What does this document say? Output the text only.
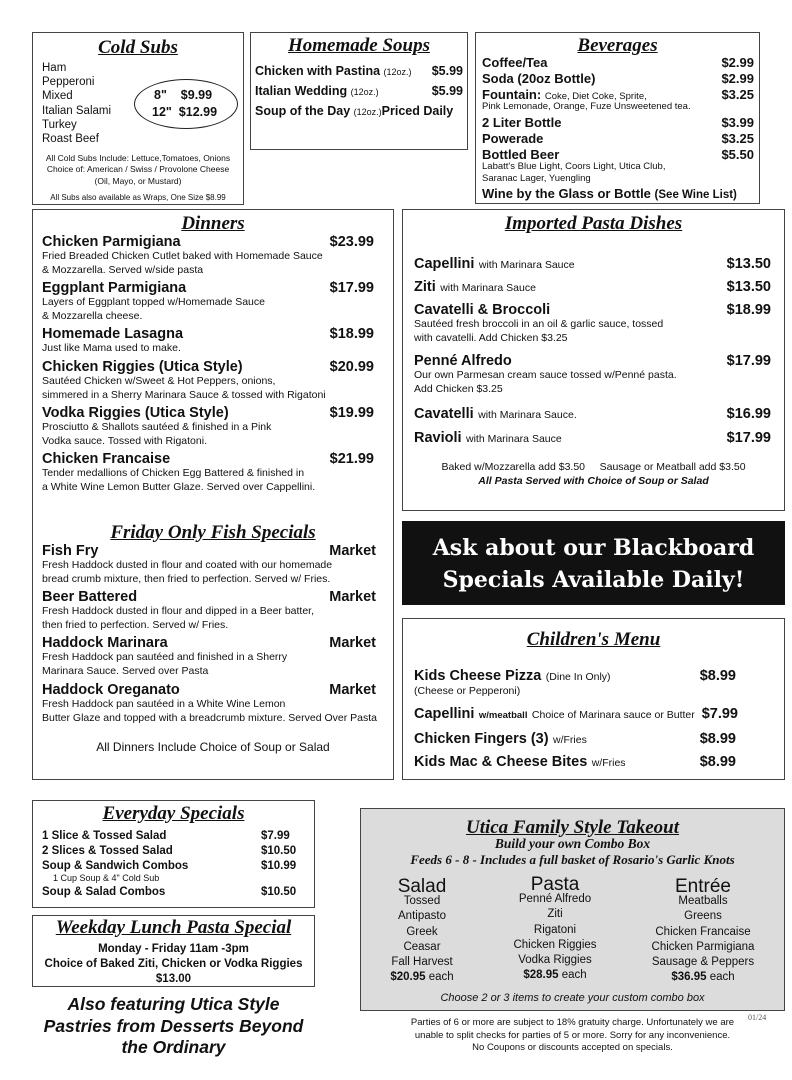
Cold Subs
Ham
Pepperoni
Mixed
Italian Salami
Turkey
Roast Beef
8" $9.99
12" $12.99
All Cold Subs Include: Lettuce,Tomatoes, Onions
Choice of: American / Swiss / Provolone Cheese
(Oil, Mayo, or Mustard)
All Subs also available as Wraps, One Size $8.99
Homemade Soups
Chicken with Pastina (12oz.) $5.99
Italian Wedding (12oz.)	$5.99
Soup of the Day (12oz.)Priced Daily
Beverages
Coffee/Tea	$2.99
Soda (20oz Bottle)	$2.99
Fountain: Coke, Diet Coke, Sprite,	$3.25
Pink Lemonade, Orange, Fuze Unsweetened tea.
2 Liter Bottle	$3.99
Powerade	$3.25
Bottled Beer	$5.50
Labatt's Blue Light, Coors Light, Utica Club,
Saranac Lager, Yuengling
Wine by the Glass or Bottle (See Wine List)
Dinners
Chicken Parmigiana	$23.99
Fried Breaded Chicken Cutlet baked with Homemade Sauce
& Mozzarella. Served w/side pasta
Eggplant Parmigiana	$17.99
Layers of Eggplant topped w/Homemade Sauce
& Mozzarella cheese.
Homemade Lasagna	$18.99
Just like Mama used to make.
Chicken Riggies (Utica Style)	$20.99
Sautéed Chicken w/Sweet & Hot Peppers, onions,
simmered in a Sherry Marinara Sauce & tossed with Rigatoni
Vodka Riggies (Utica Style)	$19.99
Prosciutto & Shallots sautéed & finished in a Pink
Vodka sauce. Tossed with Rigatoni.
Chicken Francaise	$21.99
Tender medallions of Chicken Egg Battered & finished in
a White Wine Lemon Butter Glaze. Served over Cappellini.
Friday Only Fish Specials
Fish Fry	Market
Fresh Haddock dusted in flour and coated with our homemade
bread crumb mixture, then fried to perfection. Served w/ Fries.
Beer Battered	Market
Fresh Haddock dusted in flour and dipped in a Beer batter,
then fried to perfection. Served w/ Fries.
Haddock Marinara	Market
Fresh Haddock pan sautéed and finished in a Sherry
Marinara Sauce. Served over Pasta
Haddock Oreganato	Market
Fresh Haddock pan sautéed in a White Wine Lemon
Butter Glaze and topped with a breadcrumb mixture. Served Over Pasta
All Dinners Include Choice of Soup or Salad
Imported Pasta Dishes
Capellini with Marinara Sauce	$13.50
Ziti with Marinara Sauce	$13.50
Cavatelli & Broccoli	$18.99
Sautéed fresh broccoli in an oil & garlic sauce, tossed
with cavatelli. Add Chicken $3.25
Penné Alfredo	$17.99
Our own Parmesan cream sauce tossed w/Penné pasta.
Add Chicken $3.25
Cavatelli with Marinara Sauce.	$16.99
Ravioli with Marinara Sauce	$17.99
Baked w/Mozzarella add $3.50     Sausage or Meatball add $3.50
All Pasta Served with Choice of Soup or Salad
Ask about our Blackboard
Specials Available Daily!
Children's Menu
Kids Cheese Pizza (Dine In Only)	$8.99
(Cheese or Pepperoni)
Capellini w/meatball Choice of Marinara sauce or Butter $7.99
Chicken Fingers (3) w/Fries	$8.99
Kids Mac & Cheese Bites w/Fries	$8.99
Everyday Specials
1 Slice & Tossed Salad	$7.99
2 Slices & Tossed Salad	$10.50
Soup & Sandwich Combos	$10.99
1 Cup Soup & 4" Cold Sub
Soup & Salad Combos	$10.50
Weekday Lunch Pasta Special
Monday - Friday 11am -3pm
Choice of Baked Ziti, Chicken or Vodka Riggies
$13.00
Also featuring Utica Style
Pastries from Desserts Beyond
the Ordinary
Utica Family Style Takeout
Build your own Combo Box
Feeds 6 - 8 - Includes a full basket of Rosario's Garlic Knots
Salad
Tossed
Antipasto
Greek
Ceasar
Fall Harvest
$20.95 each
Pasta
Penné Alfredo
Ziti
Rigatoni
Chicken Riggies
Vodka Riggies
$28.95 each
Entrée
Meatballs
Greens
Chicken Francaise
Chicken Parmigiana
Sausage & Peppers
$36.95 each
Choose 2 or 3 items to create your custom combo box
Parties of 6 or more are subject to 18% gratuity charge. Unfortunately we are
unable to split checks for parties of 5 or more. Sorry for any inconvenience.
No Coupons or discounts accepted on specials.
01/24
